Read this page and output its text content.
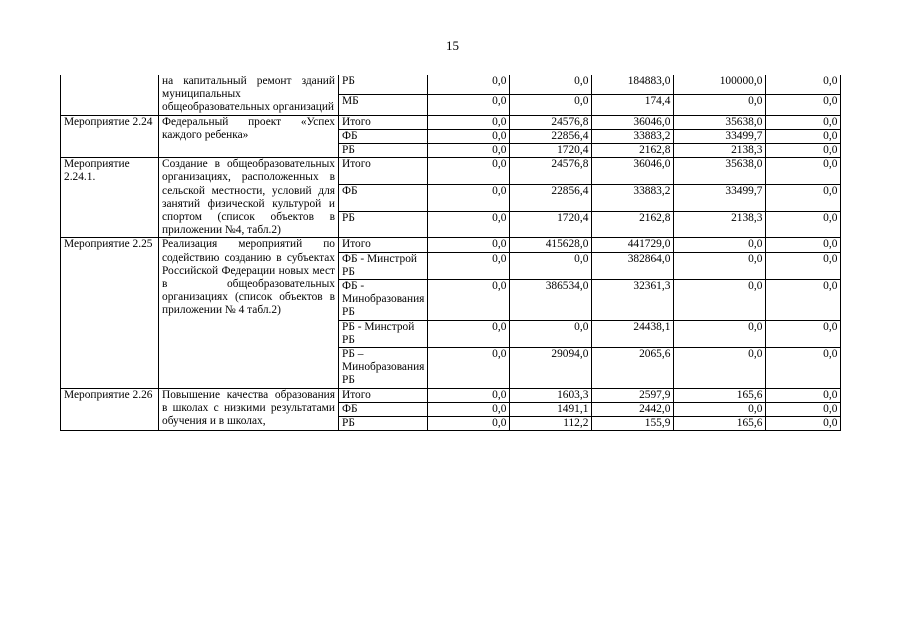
15
	на капитальный ремонт зданий муниципальных общеобразовательных организаций	РБ	0,0	0,0	184883,0	100000,0	0,0
		МБ	0,0	0,0	174,4	0,0	0,0
Мероприятие 2.24	Федеральный проект «Успех каждого ребенка»	Итого	0,0	24576,8	36046,0	35638,0	0,0
		ФБ	0,0	22856,4	33883,2	33499,7	0,0
		РБ	0,0	1720,4	2162,8	2138,3	0,0
Мероприятие 2.24.1.	Создание в общеобразовательных организациях, расположенных в сельской местности, условий для занятий физической культурой и спортом (список объектов в приложении №4, табл.2)	Итого	0,0	24576,8	36046,0	35638,0	0,0
		ФБ	0,0	22856,4	33883,2	33499,7	0,0
		РБ	0,0	1720,4	2162,8	2138,3	0,0
Мероприятие 2.25	Реализация мероприятий по содействию созданию в субъектах Российской Федерации новых мест в общеобразовательных организациях (список объектов в приложении № 4 табл.2)	Итого	0,0	415628,0	441729,0	0,0	0,0
		ФБ - Минстрой РБ	0,0	0,0	382864,0	0,0	0,0
		ФБ - Минобразования РБ	0,0	386534,0	32361,3	0,0	0,0
		РБ - Минстрой РБ	0,0	0,0	24438,1	0,0	0,0
		РБ – Минобразования РБ	0,0	29094,0	2065,6	0,0	0,0
Мероприятие 2.26	Повышение качества образования в школах с низкими результатами обучения и в школах,	Итого	0,0	1603,3	2597,9	165,6	0,0
		ФБ	0,0	1491,1	2442,0	0,0	0,0
		РБ	0,0	112,2	155,9	165,6	0,0
